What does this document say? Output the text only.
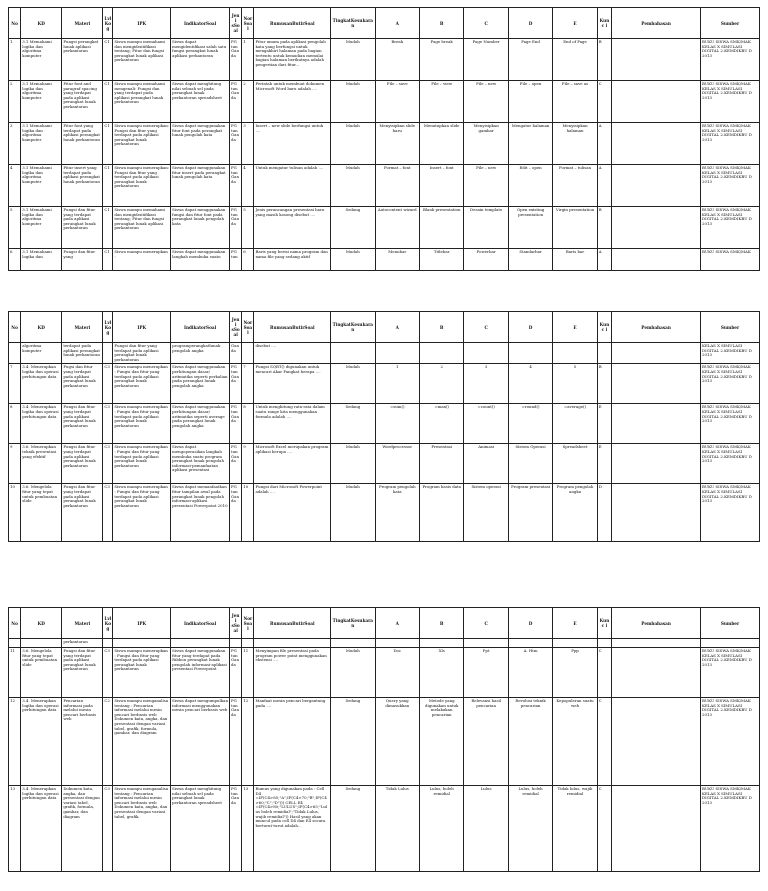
No	KD	Materi	Lvl Ko g	IPK	IndikatorSoal	Jeni sSo al	Nor Soal	RumusanButirSoal	TingkatKesukaran	A	B	C	D	E	Kunc i	Pembahasan	Sumber
1	3.1 Memahami logika dan algoritma komputer	Fungsi perangkat lunak aplikasi perkantoran	C1	Siswa mampu memahami dan mengidentifikasi tentang; Fitur dan fungsi perangkat lunak aplikasi perkantoran	Siswa dapat mengidentifikasi salah satu fungsi perangkat lunak aplikasi perkantoran	PG tun Gan da	1	Fitur umum pada aplikasi pengolah kata yang berfungsi untuk mengakhiri halaman pada bagian tertentu untuk kemudian memulai bagian halaman berikutnya adalah pengertian dari fitur...	Mudah	Break	Page break	Page Number	Page End	End of Page	B		BUKU SISWA SMK/MAK KELAS X SIMULASI DIGITAL 2.KEMDIKBU D 2013
2	3.1 Memahami logika dan algoritma komputer	Fitur font and paragraf spacing yang terdapat pada aplikasi perangkat lunak perkantoran	C1	Siswa mampu memahami mengenali: Fungsi dan yang terdapat pada aplikasi perangkat lunak perkantoran	Siswa dapat menghitung nilai sebuah sel pada perangkat lunak perkantoran spreadsheet	PG tun Gan da	2	Perintah untuk membuat dokumen Microsoft Word baru adalah ....	Mudah	File – save	File – view	File – new	File – open	File – save as	C		BUKU SISWA SMK/MAK KELAS X SIMULASI DIGITAL 2.KEMDIKBU D 2013
3	3.1 Memahami logika dan algoritma komputer	Fitur font yang terdapat pada aplikasi perangkat lunak perkantoran	C1	Siswa mampu menerapkan: Fungsi dan fitur yang terdapat pada aplikasi perangkat lunak perkantoran	Siswa dapat menggunakan fitur font pada perangkat lunak pengolah kata	PG tun Gan da	3	Insert – new slide berfungsi untuk ....	Mudah	Menyisipkan slide baru	Menutupkan slide	Menyisipkan gambar	Mengatur halaman	Menyisipkan halaman	A		BUKU SISWA SMK/MAK KELAS X SIMULASI DIGITAL 2.KEMDIKBU D 2013
4	3.1 Memahami logika dan algoritma komputer	Fitur insert yang terdapat pada aplikasi perangkat lunak perkantoran	C1	Siswa mampu menerapkan: Fungsi dan fitur yang terdapat pada aplikasi perangkat lunak perkantoran	Siswa dapat menggunakan fitur insert pada perangkat lunak pengolah kata	PG tun Gan da	4	Untuk mengatur tulisan adalah ....	Mudah	Format – font	Insert – font	File – new	Edit – open	Format – tulisan	A		BUKU SISWA SMK/MAK KELAS X SIMULASI DIGITAL 2.KEMDIKBU D 2013
5	3.1 Memahami logika dan algoritma komputer	Fungsi dan fitur yang terdapat pada aplikasi perangkat lunak perkantoran	C1	Siswa mampu memahami dan mengidentifikasi tentang; Fitur dan fungsi perangkat lunak aplikasi perkantoran	Siswa dapat menggunakan fungsi dan fitur font pada perangkat lunak pengolah kata	PG tun Gan da	5	Jenis perancangan presentasi baru yang masih kosong disebut ....	Sedang	Autocontent wizard	Blank presentation	Desain template	Open existing presentation	Virgin presentation	B		BUKU SISWA SMK/MAK KELAS X SIMULASI DIGITAL 2.KEMDIKBU D 2013
6	3.1 Memahami logika dan	Fungsi dan fitur yang	C1	Siswa mampu menerapkan :	Siswa dapat menggunakan langkah membuka suatu	PG tun	6	Baris yang berisi nama program dan nama file yang sedang aktif	Mudah	Menubar	Titlebar	Powerbar	Standarbar	Baris bar	A		BUKU SISWA SMK/MAK
No	KD	Materi	Lvl Ko g	IPK	IndikatorSoal	Jeni sSo al	Nor Soal	RumusanButirSoal	TingkatKesukaran	A	B	C	D	E	Kunc i	Pembahasan	Sumber
	algoritma komputer	terdapat pada aplikasi perangkat lunak perkantoran		Fungsi dan fitur yang terdapat pada aplikasi perangkat lunak perkantoran	programperangkatlunak pengolah angka	Gan da		disebut ....									KELAS X SIMULASI DIGITAL 2.KEMDIKBU D 2013
7	3.4. Menerapkan logika dan operasi perhitungan data	Fugsi dan fitur yang terdapat pada aplikasi perangkat lunak perkantoran	C3	Siswa mampu menerapkan : Fungsi dan fitur yang terdapat pada aplikasi perangkat lunak perkantoran	Siswa dapat menggunakan perhitungan dasar/ aritmatika seperti perkalian pada perangkat lunak pengolah angka	PG tun Gan da	7	Fungsi SQRT() digunakan untuk mencari Akar Pangkat berapa ....	Mudah	1	2	3	4	5	B		BUKU SISWA SMK/MAK KELAS X SIMULASI DIGITAL 2.KEMDIKBU D 2013
8	3.4. Menerapkan logika dan operasi perhitungan data	Fungsi dan fitur yang terdapat pada aplikasi perangkat lunak perkantoran	C3	Siswa mampu menerapkan : Fungsi dan fitur yang terdapat pada aplikasi perangkat lunak perkantoran	Siswa dapat menggunakan perhitungan dasar/ aritmatika seperti average pada perangkat lunak pengolah angka	PG tun Gan da	8	Untuk menghitung rata-rata dalam suatu range kita menggunakan formula adalah ....	Sedang	=sum()	=max()	=count()	=round()	=average()	E		BUKU SISWA SMK/MAK KELAS X SIMULASI DIGITAL 2.KEMDIKBU D 2013
9	3.6. Menerapkan teknik presentasi yang efektif	Fungsi dan fitur yang terdapat pada aplikasi perangkat lunak perkantoran	C3	Siswa mampu menerapkan : Fungsi dan fitur yang terdapat pada aplikasi perangkat lunak perkantoran	Siswa dapat mengoperasikan langkah membuka suatu program perangkat lunak pengolah informasi-pemanfaatan aplikasi presentasi	PG tun Gan da	9	Microsoft Excel merupakan program aplikasi berupa ....	Mudah	Wordprocessor	Presentasi	Animasi	Sistem Operasi	Spreadsheet	E		BUKU SISWA SMK/MAK KELAS X SIMULASI DIGITAL 2.KEMDIKBU D 2013
10	3.6. Mengelola fitur yang tepat untuk pembuatan slide	Fungsi dan fitur yang terdapat pada aplikasi perangkat lunak perkantoran	C3	Siswa mampu menerapkan : Fungsi dan fitur yang terdapat pada aplikasi perangkat lunak perkantoran	Siswa dapat memanfaatkan fitur tampilan awal pada perangkat lunak pengolah informasi-aplikasi presentasi Powerpoint 2010	PG tun Gan da	10	Fungsi dari Microsoft Powerpoint adalah ....	Mudah	Program pengolah kata	Program basis data	Sistem operasi	Program presentasi	Program pengolah angka	D		BUKU SISWA SMK/MAK KELAS X SIMULASI DIGITAL 2.KEMDIKBU D 2013
No	KD	Materi	Lvl Ko g	IPK	IndikatorSoal	Jeni sSo al	Nor Soal	RumusanButirSoal	TingkatKesukaran	A	B	C	D	E	Kunc i	Pembahasan	Sumber
		perkantoran															
11	3.6. Mengelola fitur yang tepat untuk pembuatan slide	Fungsi dan fitur yang terdapat pada aplikasi perangkat lunak perkantoran	C3	Siswa mampu menerapkan : Fungsi dan fitur yang terdapat pada aplikasi perangkat lunak perkantoran	Siswa dapat menggunakan fitur yang terdapat pada Ribbon perangkat lunak pengolah informasi-aplikasi presentasi Powerpoint	PG tun Gan da	11	Menyimpan file presentasi pada program power point menggunakan ekstensi ....	Mudah	Doc	Xls	Ppt	A. Htm	Ppp	C		BUKU SISWA SMK/MAK KELAS X SIMULASI DIGITAL 2.KEMDIKBU D 2013
12	3.4. Menerapkan logika dan operasi perhitungan data	Pencarian informasi pada melalui mesin pencari berbasis web	C2	Siswa mampu menganalisa tentang : Pencarian informasi melalui mesin pencari berbasis web Dokumen kata, angka, dan presentasi dengan variasi tabel, grafik, formula, gambar, dan diagram	Siswa dapat mengumpulkan informasi menggunakan mesin pencari berbasis web	PG tun Gan da	12	Manfaat mesin pencari bergantung pada ....	Sedang	Query yang dimasukkan	Metode yang digunakan untuk melakukan pencarian	Relevansi hasil pencarian	Revolusi teknik pencarian	Kepopuleran suatu web	C		BUKU SISWA SMK/MAK KELAS X SIMULASI DIGITAL 2.KEMDIKBU D 2013
13	3.4. Menerapkan logika dan operasi perhitungan data	Dokumen kata, angka, dan presentasi dengan variasi tabel, grafik, formula, gambar, dan diagram	C3	Siswa mampu menganalisa tentang : Pencarian informasi melalui mesin pencari berbasis web Dokumen kata, angka, dan presentasi dengan variasi tabel, grafik,	Siswa dapat menghitung nilai sebuah sel pada perangkat lunak perkantoran spreadsheet	PG tun Gan da	13	Rumus yang digunakan pada : Cell D4 =IF(C4>85;"A";IF(C4>70;"B";IF(C4>60;"C";"D"))) CELL E4 =IF(C4>80;"LULUS";IF(C4>65;"Lulus boleh remidial";"Tidak Lulus, wajib remidial")) Hasil yang akan muncul pada cell D4 dan E4 secara berturut-turut adalah...	Sedang	Tidak Lulus	Lulus, boleh remidial	Lulus	Lulus, boleh remidial	Tidak lulus, wajib remidial	C		BUKU SISWA SMK/MAK KELAS X SIMULASI DIGITAL 2.KEMDIKBU D 2013
